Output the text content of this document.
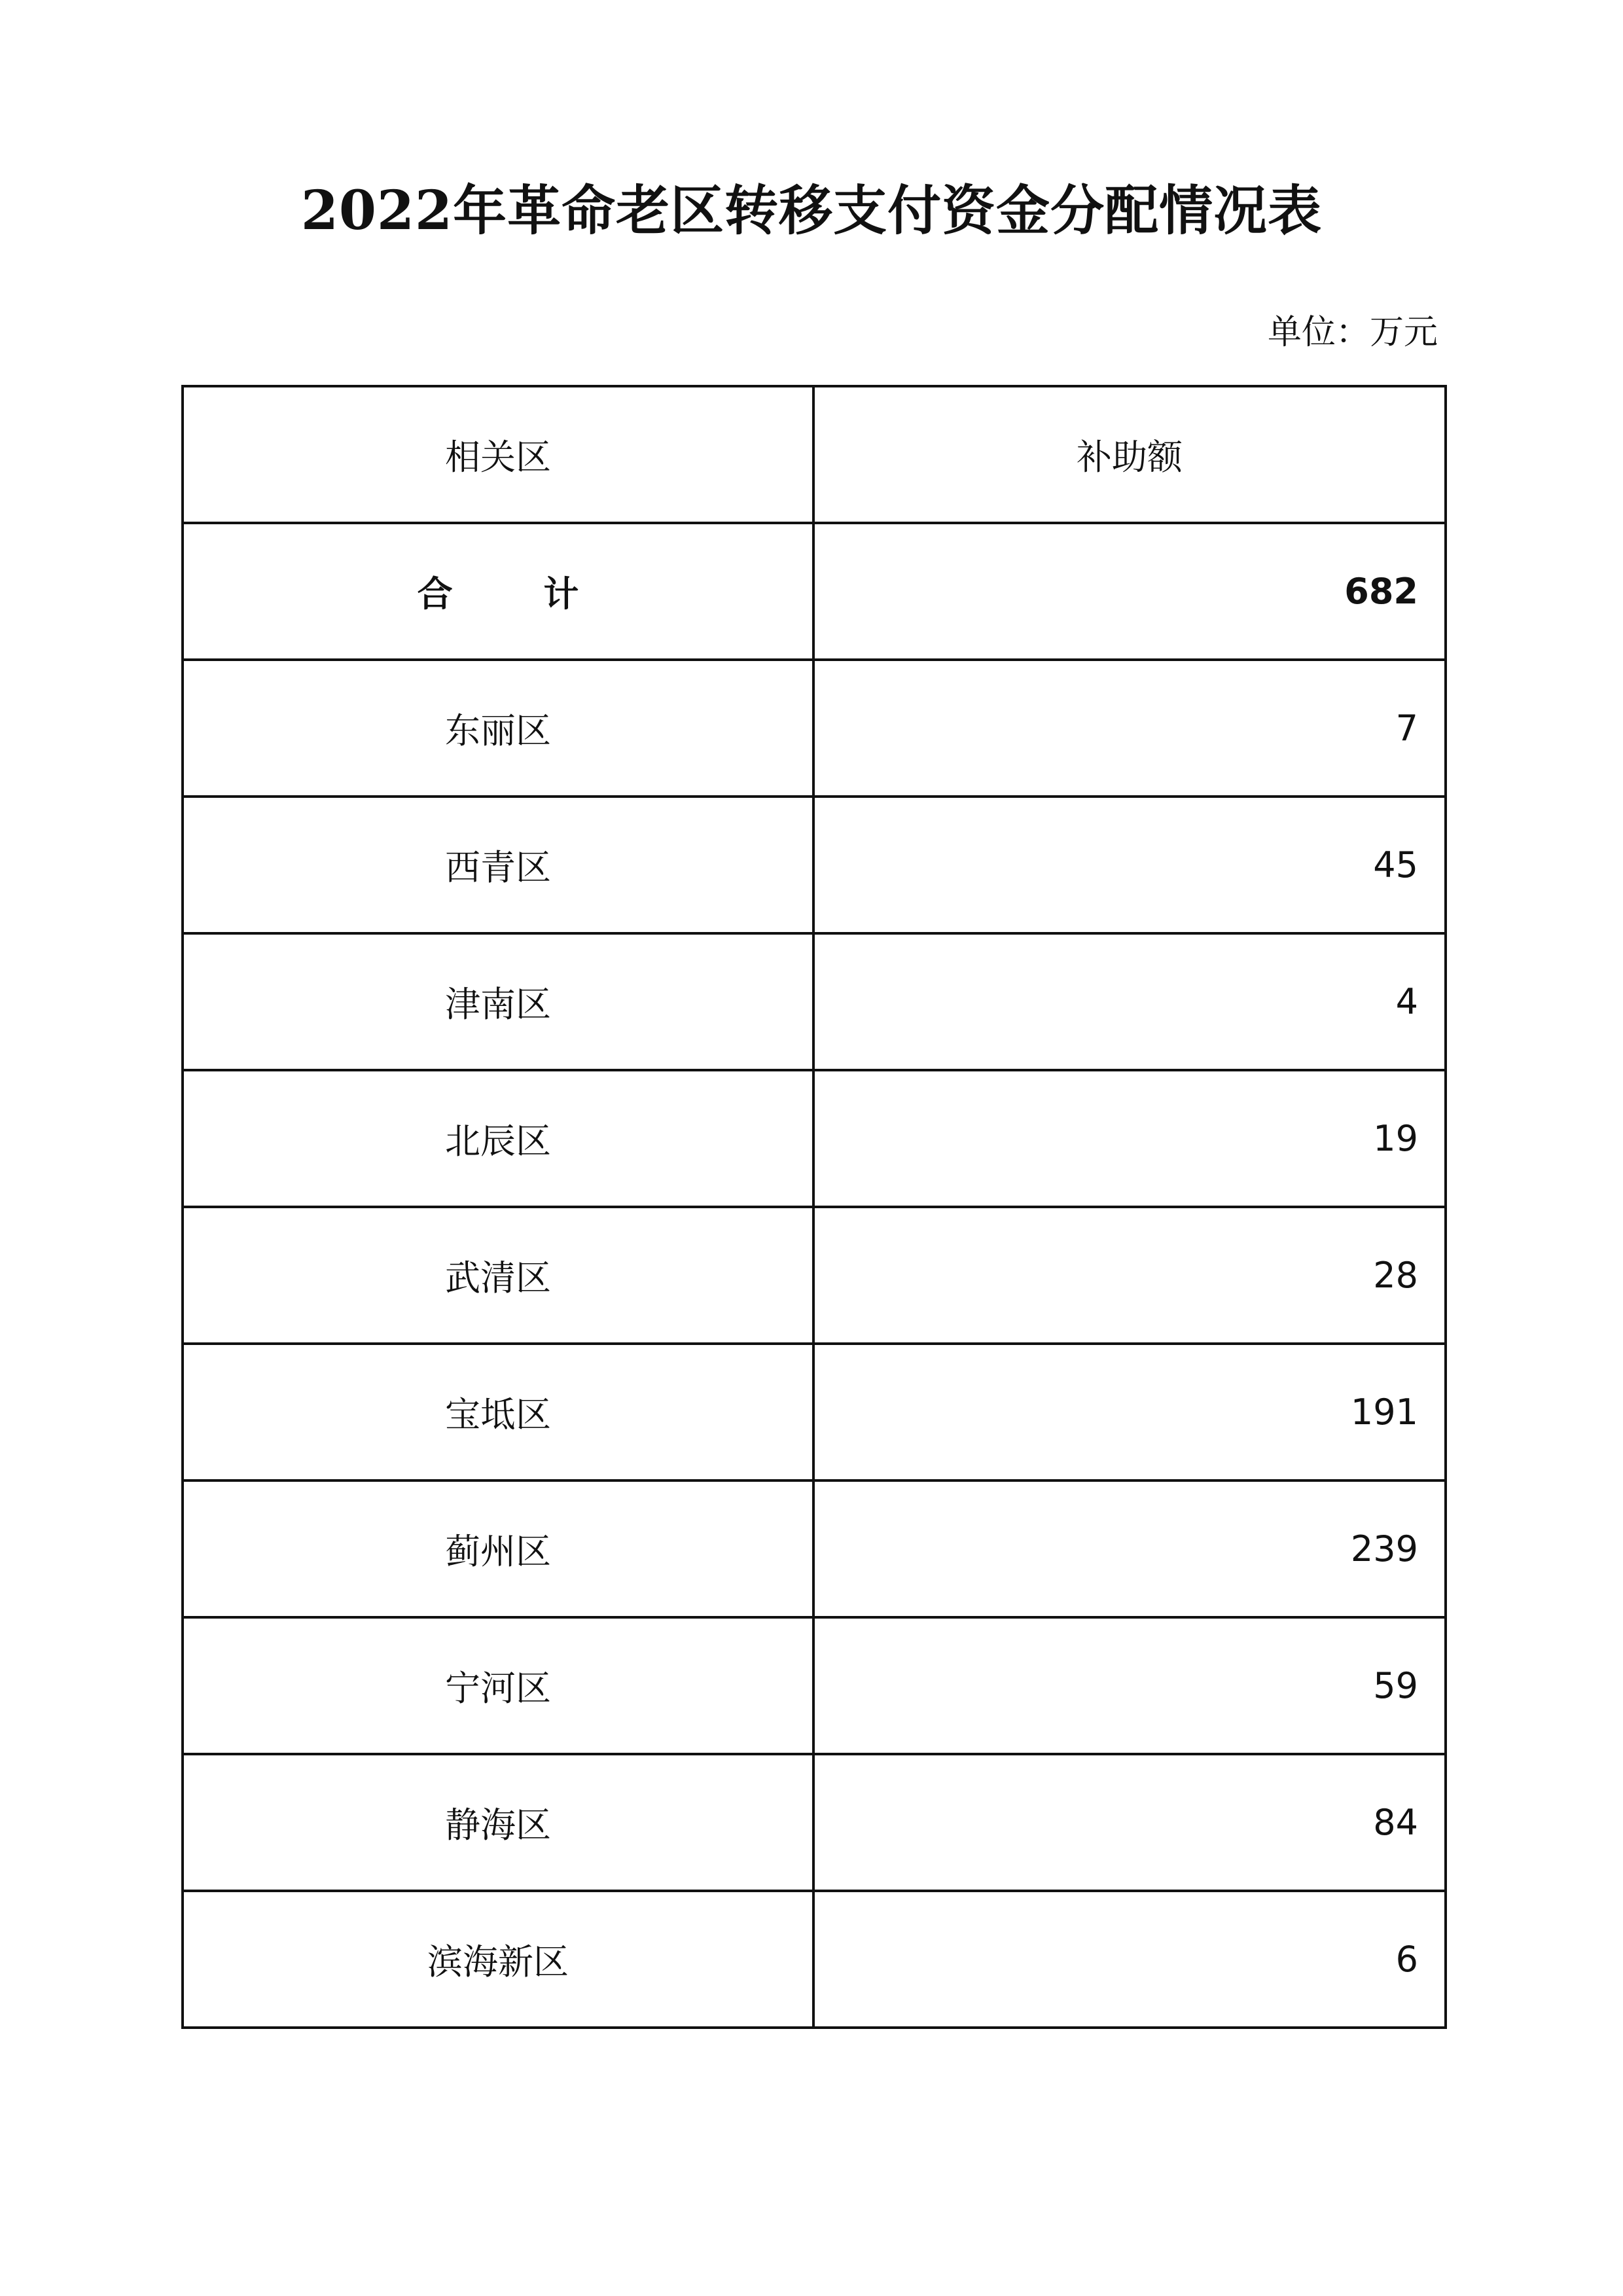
2022年革命老区转移支付资金分配情况表
单位：万元
相关区	补助额
合 计	682
东丽区	7
西青区	45
津南区	4
北辰区	19
武清区	28
宝坻区	191
蓟州区	239
宁河区	59
静海区	84
滨海新区	6
